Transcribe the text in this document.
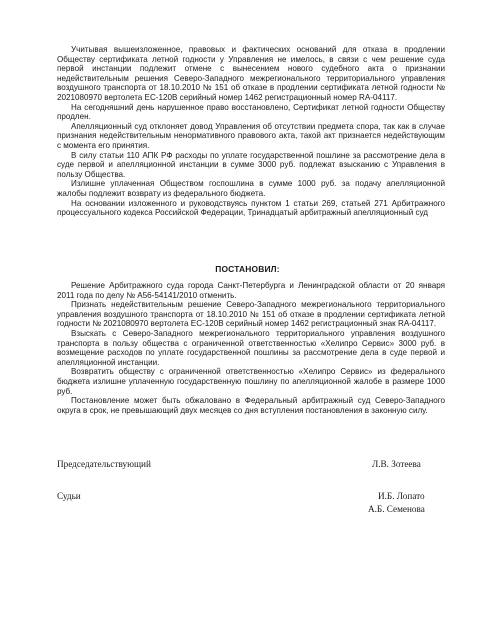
Учитывая вышеизложенное, правовых и фактических оснований для отказа в продлении Обществу сертификата летной годности у Управления не имелось, в связи с чем решение суда первой инстанции подлежит отмене с вынесением нового судебного акта о признании недействительным решения Северо-Западного межрегионального территориального управления воздушного транспорта от 18.10.2010 № 151 об отказе в продлении сертификата летной годности № 2021080970 вертолета ЕС-120В серийный номер 1462 регистрационный номер RA-04117.

На сегодняшний день нарушенное право восстановлено, Сертификат летной годности Обществу продлен.

Апелляционный суд отклоняет довод Управления об отсутствии предмета спора, так как в случае признания недействительным ненормативного правового акта, такой акт признается недействующим с момента его принятия.

В силу статьи 110 АПК РФ расходы по уплате государственной пошлине за рассмотрение дела в суде первой и апелляционной инстанции в сумме 3000 руб. подлежат взысканию с Управления в пользу Общества.

Излишне уплаченная Обществом госпошлина в сумме 1000 руб. за подачу апелляционной жалобы подлежит возврату из федерального бюджета.

На основании изложенного и руководствуясь пунктом 1 статьи 269, статьей 271 Арбитражного процессуального кодекса Российской Федерации, Тринадцатый арбитражный апелляционный суд

ПОСТАНОВИЛ:

Решение Арбитражного суда города Санкт-Петербурга и Ленинградской области от 20 января 2011 года по делу № А56-54141/2010 отменить.

Признать недействительным решение Северо-Западного межрегионального территориального управления воздушного транспорта от 18.10.2010 № 151 об отказе в продлении сертификата летной годности № 2021080970 вертолета ЕС-120В серийный номер 1462 регистрационный знак RA-04117.

Взыскать с Северо-Западного межрегионального территориального управления воздушного транспорта в пользу общества с ограниченной ответственностью «Хелипро Сервис» 3000 руб. в возмещение расходов по уплате государственной пошлины за рассмотрение дела в суде первой и апелляционной инстанции.

Возвратить обществу с ограниченной ответственностью «Хелипро Сервис» из федерального бюджета излишне уплаченную государственную пошлину по апелляционной жалобе в размере 1000 руб.

Постановление может быть обжаловано в Федеральный арбитражный суд Северо-Западного округа в срок, не превышающий двух месяцев со дня вступления постановления в законную силу.

Председательствующий	Л.В. Зотеева
Судьи	И.Б. Лопато
А.Б. Семенова
